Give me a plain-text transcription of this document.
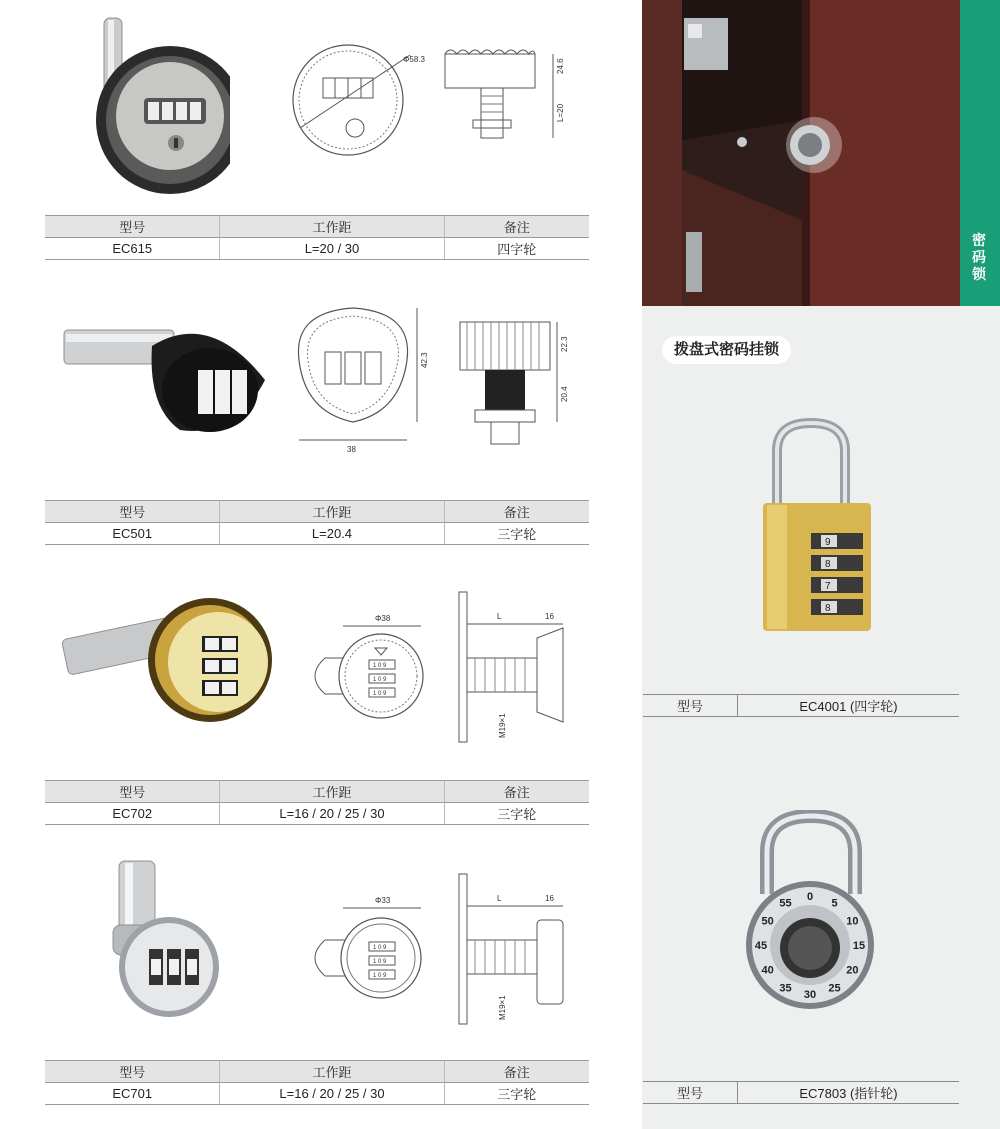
Φ58.3	24.6
L=20
型号	工作距	备注
EC615	L=20 / 30	四字轮
38
42.3
22.3
20.4
型号	工作距	备注
EC501	L=20.4	三字轮
Φ38
1 0 9
1 0 9
1 0 9
L	16
M19×1
型号	工作距	备注
EC702	L=16 / 20 / 25 / 30	三字轮
Φ33
1 0 9
1 0 9
1 0 9
L	16
M19×1
型号	工作距	备注
EC701	L=16 / 20 / 25 / 30	三字轮
密码锁
拨盘式密码挂锁
9
8
7
8
型号	EC4001 (四字轮)
0
5
10
15
20
25
30
35
40
45
50
55
型号	EC7803 (指针轮)
